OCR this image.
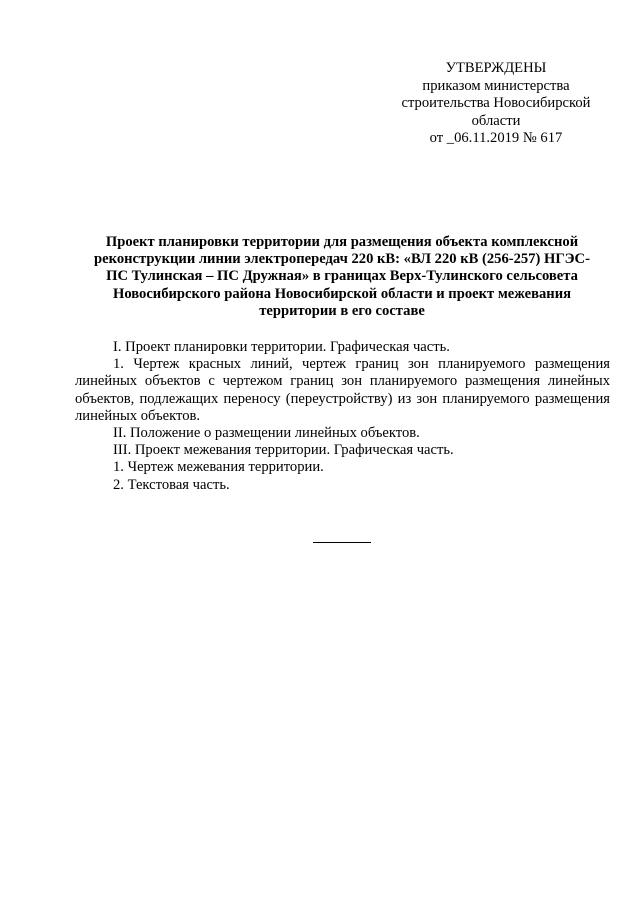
УТВЕРЖДЕНЫ
приказом министерства
строительства Новосибирской
области
от _06.11.2019 № 617
Проект планировки территории для размещения объекта комплексной
реконструкции линии электропередач 220 кВ: «ВЛ 220 кВ (256-257) НГЭС-
ПС Тулинская – ПС Дружная» в границах Верх-Тулинского сельсовета
Новосибирского района Новосибирской области и проект межевания
территории в его составе

I. Проект планировки территории. Графическая часть.

1. Чертеж красных линий, чертеж границ зон планируемого размещения линейных объектов с чертежом границ зон планируемого размещения линейных объектов, подлежащих переносу (переустройству) из зон планируемого размещения линейных объектов.

II. Положение о размещении линейных объектов.

III. Проект межевания территории. Графическая часть.

1. Чертеж межевания территории.

2. Текстовая часть.
